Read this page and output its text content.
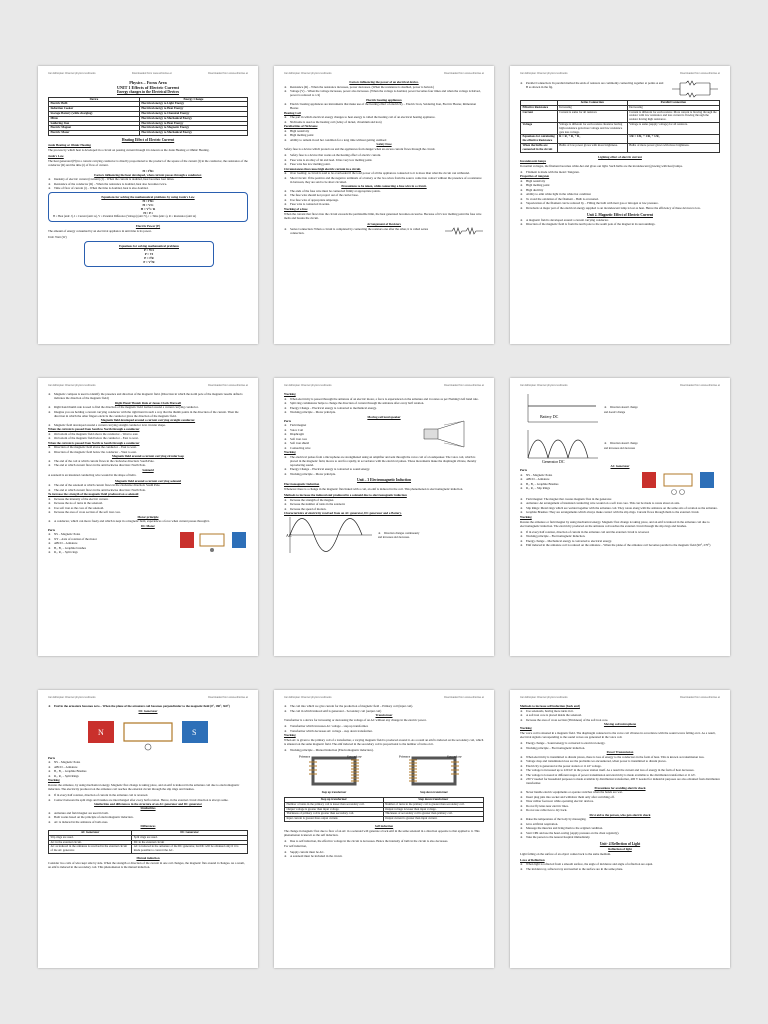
Iran Ethiopian Channel physics textbooks	Downloaded from www.ethiorise.et	Downloaded from www.ethiorise.et
Physics – Focus Area
UNIT 1 Effects of Electric Current
Energy changes in the Electrical Devices
Device	Energy Change
Electric Bulb	Electrical energy to Light Energy
Induction Cooker	Electrical energy to Heat Energy
Storage Battery (while charging)	Electrical energy to Chemical Energy
Mixie	Electrical energy to Mechanical Energy
Soldering Iron	Electrical energy to Heat Energy
Electric Magnet	Electrical energy to Magnetic Energy
Electric Motor	Electrical energy to Mechanical Energy
Heating Effect of Electric Current
Joule Heating or Ohmic Heating
The process by which heat is developed in a circuit on passing current through it is known as the Joule Heating or Ohmic Heating.
Joule's Law
The heat generated (H) in a current carrying conductor is directly proportional to the product of the square of the current (I) in the conductor, the resistance of the conductor (R) and the time (t) of flow of current.
H = I²Rt
Factors influencing the heat developed, when current passes through a conductor.
➔ Intensity of electric current (Current) (I) – When the current is doubled, heat becomes four times.
➔ Resistance of the conductor (R) – When the resistance is doubled, heat also becomes twice.
➔ Time of flow of current (t) – When the time is doubled, heat is also doubled.
Equations for solving the mathematical problems by using Joule's Law
H = I²Rt
H = VI t
H = V²t / R
H = P t
H = Heat (unit: J), I = Current (unit: A), V = Potential Difference (Voltage) (unit: V), t = Time (unit: s), R = Resistance (unit: Ω)
Electric Power (P)
The amount of energy consumed by an electrical appliance in unit time is its power.
Unit: Watt (W)
Equations for solving mathematical problems
P = W/t
P = VI
P = I²R
P = V²/R
Iran Ethiopian Channel physics textbooks	Downloaded from www.ethiorise.et
Factors influencing the power of an electrical device.
➔ Resistance (R) – When the resistance increases, power decreases. (When the resistance is doubled, power is halved.)
➔ Voltage (V) – When the voltage increases, power also increases. (When the voltage is doubled, power becomes four times and when the voltage is halved, power is reduced to 1/4)
Electric heating appliances
➔ Electric heating appliances are instruments that make use of the heating effect of electricity – Electric Iron, Soldering Iron, Electric Heater, Immersion Heater.
Heating Coil
➔ The part in which electrical energy changes to heat energy is called the heating coil of an electrical heating appliance.
➔ Nichrome is used as the heating coil (Alloy of nickel, chromium and iron)
Peculiarities of Nichrome
➔ High resistivity
➔ High melting point
➔ Ability to remain in red hot condition for a long time without getting oxidised
Safety Fuse
Safety fuse is a device which protects us and the appliances from danger when an excess current flows through the circuit.
➔ Safety fuse is a device that works on the heating effect of electric current.
➔ Fuse wire is an alloy of tin and lead. It has very low melting point.
➔ Fuse wire has low melting point.
Circumstances that cause high electric current in a circuit.
➔ Over loading: A circuit is said to be overloaded if the total power of all the appliances connected to it is more than what the circuit can withstand.
➔ Short Circuit: If the positive and the negative terminals of a battery or the two wires from the source come into contact without the presence of a resistance in between, they are said to be short circuited.
Precautions to be taken, while connecting a fuse wire in a circuit.
➔ The ends of the fuse wire must be connected firmly at appropriate points.
➔ The fuse wire should not project out of the carrier base.
➔ Use fuse wire of appropriate amperage.
➔ Fuse wire is connected in series.
Working of a fuse
When the current that flows into the circuit exceeds the permissible limit, the heat generated becomes excessive. Because of it's low melting point the fuse wire melts and breaks the circuit.
Arrangement of Resistors
➔ Series Connection: When a circuit is completed by connecting the resistors one after the other, it is called series connection.
Iran Ethiopian Channel physics textbooks	Downloaded from www.ethiorise.et
➔ Parallel Connection: In parallel method the ends of resistors are commonly connecting together at points A and B as shown in the fig.
	Series Connection	Parallel Connection
Effective Resistance	Increasing	Decreasing
Current	Current is same for all resistors	Current is different for each resistor. More current is flowing through the resistor with low resistance and less current is flowing through the resistor having high resistance.
Voltage	Voltage is different for each resistor. Resistor having high resistance gets more voltage and low resistance gets less voltage.	Voltage is same (supply voltage) for all resistors.
Equations for calculating the effective Resistance	R = R₁ + R₂ + R₃	1/R = 1/R₁ + 1/R₂ + 1/R₃
When the bulbs are connected in the circuit	Bulbs of low power glows with more brightness.	Bulbs of more power glows with more brightness.
Lighting effect of electric current
Incandescent lamps
In normal voltages, the filament becomes white-hot and gives out light. Such bulbs are the incandescent (glowing with heat) lamps.
➔ Filament is made with the metal: Tungsten.
Properties of tungsten
➔ High resistivity
➔ High melting point
➔ High ductility
➔ Ability to emit white light in the white hot condition
➔ To avoid the oxidation of the filament – Bulb is evacuated.
➔ Vaporization of the filament can be reduced by – Filling the bulb with inert gas or nitrogen at low pressure.
➔ Drawback: A major part of the electrical energy supplied to an incandescent lamp is lost as heat. Hence the efficiency of these devices is low.
Unit 2. Magnetic Effect of Electric Current
➔ A magnetic field is developed around a current carrying conductor.
➔ Direction of the magnetic field is from the north pole to the south pole of the magnet in its surroundings.
Iran Ethiopian Channel physics textbooks	Downloaded from www.ethiorise.et
➔ Magnetic compass is used to identify the presence and direction of the magnetic field. (Direction in which the north pole of the magnetic needle deflects indicates the direction of the magnetic field)
Right Hand Thumb Rule of James Clark Maxwell
➔ Right hand thumb rule is used to find the direction of the magnetic field formed around a current carrying conductor.
➔ Imagine you are holding a current carrying conductor with the right hand in such a way that the thumb points in the direction of the current. Then the direction in which the other fingers encircle the conductor gives the direction of the magnetic field.
Magnetic field developed around a current carrying straight conductor.
➔ Magnetic field developed around a current carrying straight conductor is in circular shape.
When the current is passed from South to North through a conductor
➔ On bottom of the magnetic field above the conductor – West to east.
➔ On bottom of the magnetic field below the conductor – East to west.
When the current is passed from North to South through a conductor
➔ Direction of the magnetic field above the conductor – East to west.
➔ Direction of the magnetic field below the conductor – West to east.
Magnetic field around a current carrying circular loop
➔ The end of the coil at which current flows in the clockwise direction: South Pole.
➔ The end at which current flows in the anticlockwise direction: North Pole.
Solenoid
A solenoid is an insulated conducting wire wound in the shape of helix.
Magnetic field around a current carrying solenoid
➔ The end of the solenoid at which current flows in the clockwise direction: South Pole.
➔ The end at which current flows in the anticlockwise direction: North Pole.
To increase the strength of the magnetic field produced on a solenoid
➔ Increase the intensity of the electric current.
➔ Increase the no of turns in the solenoid.
➔ Use soft iron as the core of the solenoid.
➔ Increase the area of cross section of the soft iron core.
Motor principle
➔ A conductor, which can move freely and which is kept in a magnetic field, experiences a force when current passes through it.
DC Motor
Parts
➔ NS – Magnetic Poles
➔ XY – Axis of rotation of the motor
➔ ABCD – Armature
➔ B₁, B₂ – Graphite brushes
➔ R₁, R₂ – Split rings
Iran Ethiopian Channel physics textbooks	Downloaded from www.ethiorise.et
Working
➔ When electricity is passed through the armature of an electric motor, a force is experienced on the armature and it rotates as per Fleming's left hand rule.
➔ Split ring commutator helps to change the direction of current through the armature after every half rotation.
➔ Energy Change – Electrical energy is converted to mechanical energy.
➔ Working principle – Motor principle.
Moving coil loud speaker
Parts
➔ Field magnet
➔ Voice Coil
➔ Diaphragm
➔ Soft iron core
➔ Soft iron shield
➔ Connecting wire
Working
➔ The electrical pulses from a microphone are strengthened using an amplifier and sent through the voice coil of a loudspeaker. The voice coil, which is placed in the magnetic field, moves to and fro rapidly, in accordance with the electrical pulses. These movements make the diaphragm vibrate, thereby reproducing sound.
➔ Energy Change – Electrical energy is converted to sound energy.
➔ Working principle – Motor principle.
Unit – 3 Electromagnetic Induction
Electromagnetic Induction
Whenever there is a change in the magnetic flux linked with a coil, an emf is induced in the coil. This phenomenon is electromagnetic induction.
Methods to increase the induced emf produced in a solenoid due to electromagnetic induction
➔ Increase the strength of the magnet.
➔ Increase the number of turns in the solenoid.
➔ Increase the speed of motion.
Characteristics of electricity received from an AC generator, DC generator and a Battery.
AC
➔ Direction changes continuously
and increases and decreases.
Iran Ethiopian Channel physics textbooks	Downloaded from www.ethiorise.et
Battery DC
➔ Direction doesn't change
and doesn't change
Generator DC
➔ Direction doesn't change
and increases and decreases
AC Generator
Parts
➔ NS – Magnetic Poles
➔ ABCD – Armature
➔ B₁, B₂ – Graphite Brushes
➔ R₁, R₂ – Slip Rings
➔ Field magnet: The magnet that creates magnetic flux in the generator.
➔ Armature: An arrangement of insulated conducting wire wound on a soft iron core. This can be made to rotate about an axis.
➔ Slip Rings: Metal rings which are welded together with the armature coil. They rotate along with the armature on the same axis of rotation as the armature.
➔ Graphite Brushes: They are arrangements which always make contact with the slip rings. Current flows through them to the external circuit.
Working
Rotates the armature or field magnet by using mechanical energy. Magnetic flux change is taking place, and an emf is induced in the armature coil due to electromagnetic induction. The electricity produced on the armature coil reaches the external circuit through the slip rings and brushes.
➔ If in every half rotation, direction of current in the armature coil and the external circuit is reversed.
➔ Working principle – Electromagnetic Induction.
➔ Energy change – Mechanical energy is converted to electrical energy.
➔ Emf induced in the armature coil is reduced on the armature – When the plane of the armature coil becomes parallel to the magnetic field (90°, 270°)
Iran Ethiopian Channel physics textbooks	Downloaded from www.ethiorise.et
➔ Emf in the armature becomes zero – When the plane of the armature coil becomes perpendicular to the magnetic field (0°, 180°, 360°)
DC Generator
N	S
Parts
➔ NS – Magnetic Poles
➔ ABCD – Armature
➔ B₁, B₂ – Graphite Brushes
➔ R₁, R₂ – Split Rings
Working
Rotates the armature, by using mechanical energy. Magnetic flux change is taking place, and an emf is induced in the armature coil due to electromagnetic induction. The electricity produced on the armature coil reaches the external circuit through the slip rings and brushes.
➔ If in every half rotation, direction of current in the armature coil is reversed.
➔ Contact between the split rings and brushes are interchanged after every half rotation. Hence, in the external circuit direction is always same.
Similarities and differences in the structure of an AC generator and DC generator
Similarities
➔ Armature and field magnet are used in both.
➔ Both works based on the principle of electromagnetic induction.
➔ AC is induced in the armature of both ones.
Differences
AC Generator	DC Generator
Slip rings are used.	Split rings are used.
AC in the external circuit.	DC in the external circuit
AC as induced in the armature is received in the external circuit of the AC generator.	AC is induced in the armature of the DC generator, but DC will be obtained only if it is made possible to convert the AC.
Mutual induction
Consider two coils of wire kept side by side. When the strength or direction of the current in one coil changes, the magnetic flux around it changes. As a result, an emf is induced in the secondary coil. This phenomenon is the mutual induction.
Iran Ethiopian Channel physics textbooks	Downloaded from www.ethiorise.et
➔ The coil into which we give current for the production of magnetic field – Primary coil (input coil).
➔ The coil in which induced emf is generated – Secondary coil (output coil)
Transformer
Transformer is a device for increasing or decreasing the voltage of an AC without any change in the electric power.
➔ Transformer which increases AC voltage – step up transformer.
➔ Transformer which decreases AC voltage – step down transformer.
Working
When AC is given to the primary coil of a transformer, a varying magnetic field is produced around it. As a result an emf is induced on the secondary coil, which is situated on the same magnetic field. The emf induced in the secondary coil is proportional to the number of turns on it.
➔ Working principle – Mutual Induction (Electromagnetic induction).
Primary	Secondary
Step up transformer
Primary	Secondary
Step down transformer
Step up transformer	Step down transformer
Number of turns in the primary coil is lesser than secondary coil.	Number of turns in the primary coil is greater than secondary coil.
Output voltage is greater than input voltage.	Output voltage is lesser than input voltage.
Thickness of primary coil is greater than secondary coil.	Thickness of secondary coil is greater than primary coil.
Input current is greater than output current.	Output current is greater than input current.
Self induction
The change in magnetic flux due to flow of an AC in a solenoid will generate a back emf in the same solenoid in a direction opposite to that applied to it. This phenomenon is known as the self induction.
➔ Due to self induction, the effective voltage in the circuit is decreases. Hence the intensity of bulb in the circuit is also decreases.
For self induction,
➔ Supply current must be AC.
➔ A solenoid must be included in the circuit.
Iran Ethiopian Channel physics textbooks	Downloaded from www.ethiorise.et
Methods to increase self induction (back emf)
➔ Use solenoids, having more turns in it.
➔ A soft iron core is placed inside the solenoid.
➔ Increase the area of cross section (Thickness) of the soft iron core.
Moving coil microphone
Working
The voice coil is situated in a magnetic field. The diaphragm connected to the voice coil vibrates in accordance with the sound waves falling on it. As a result, electrical signals corresponding to the sound waves are generated in the voice coil.
➔ Energy change – Sound energy is converted to electrical energy.
➔ Working principle – Electromagnetic induction.
Power Transmission
➔ When electricity is transmitted to distant places, there is loss of energy to the conductors in the form of heat. This is known as transmission loss.
➔ Voltage drop and transmission loss are the problems we encountered, when power is transmitted to distant places.
➔ Electricity is generated at the power station at 11 kV voltage.
➔ The voltage is increased up to 220 kV in the power station itself. As a result the current and loss of energy in the form of heat decreases.
➔ The voltage is lowered at different stages of power transmission and electricity is made available to the distribution transformer at 11 kV.
➔ 230 V needed for household purposes is made available by distribution transformer, 400 V needed for industrial purposes are also obtained from distribution transformer.
Precautions for avoiding electric shock
➔ Never handle electric equipments or operate switches when the hands are wet.
➔ Insert plug pins into socket and withdraw them only after switching off.
➔ Wear rubber footwear while operating electric devices.
➔ Do not fly kites near electric lines.
➔ Do not use cable ties to dry back.
First aid to the person, who gets electric shock
➔ Raise the temperature of the body by massaging.
➔ Give artificial respiration.
➔ Massage the muscles and bring them to the original condition.
➔ Start CPR and use the heart-saving (Apply pressure on the chest regularly).
➔ Take the person to the nearest hospital immediately.
Unit- 4 Reflection of Light
Reflection of light
Light falling on the surface of an object comes back to the same medium.
Laws of Reflection
➔ When light is reflected from a smooth surface, the angle of incidence and angle of reflection are equal.
➔ The incident ray, reflected ray and normal to the surface are in the same plane.
